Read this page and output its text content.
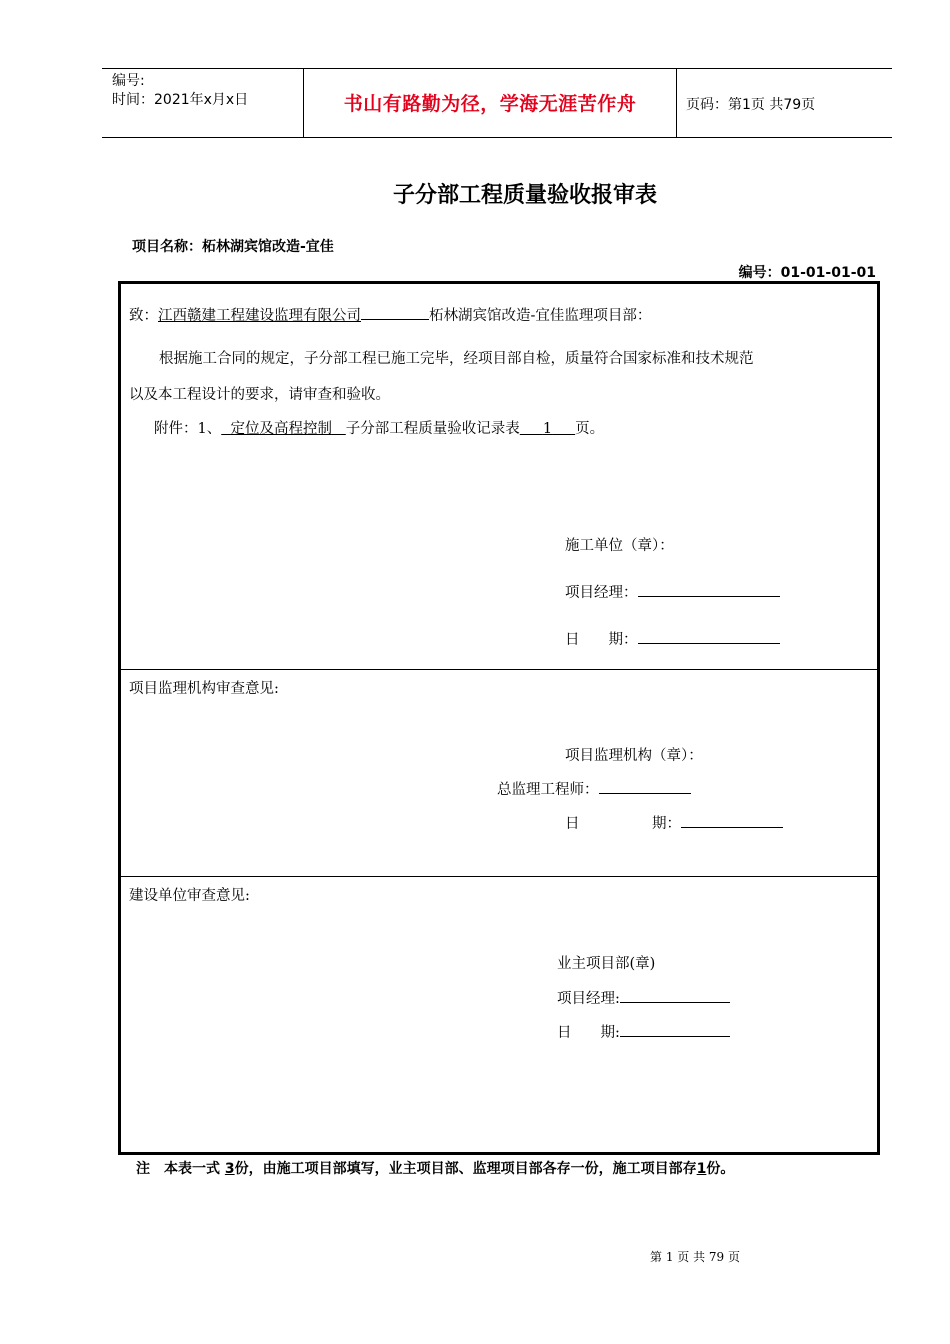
编号:
时间：2021年x月x日	书山有路勤为径，学海无涯苦作舟	页码：第1页 共79页
子分部工程质量验收报审表
项目名称：柘林湖宾馆改造-宜佳
编号：01-01-01-01
致：江西赣建工程建设监理有限公司	柘林湖宾馆改造-宜佳监理项目部：
根据施工合同的规定，子分部工程已施工完毕，经项目部自检，质量符合国家标准和技术规范
以及本工程设计的要求，请审查和验收。
附件：1、 定位及高程控制 子分部工程质量验收记录表 1 页。
施工单位（章）：
项目经理：
日　　期：
项目监理机构审查意见:
项目监理机构（章）：
总监理工程师：
日　　　　　期：
建设单位审查意见:
业主项目部(章)
项目经理:
日　　期:
注　本表一式 3份，由施工项目部填写，业主项目部、监理项目部各存一份，施工项目部存1份。
第 1 页 共 79 页
